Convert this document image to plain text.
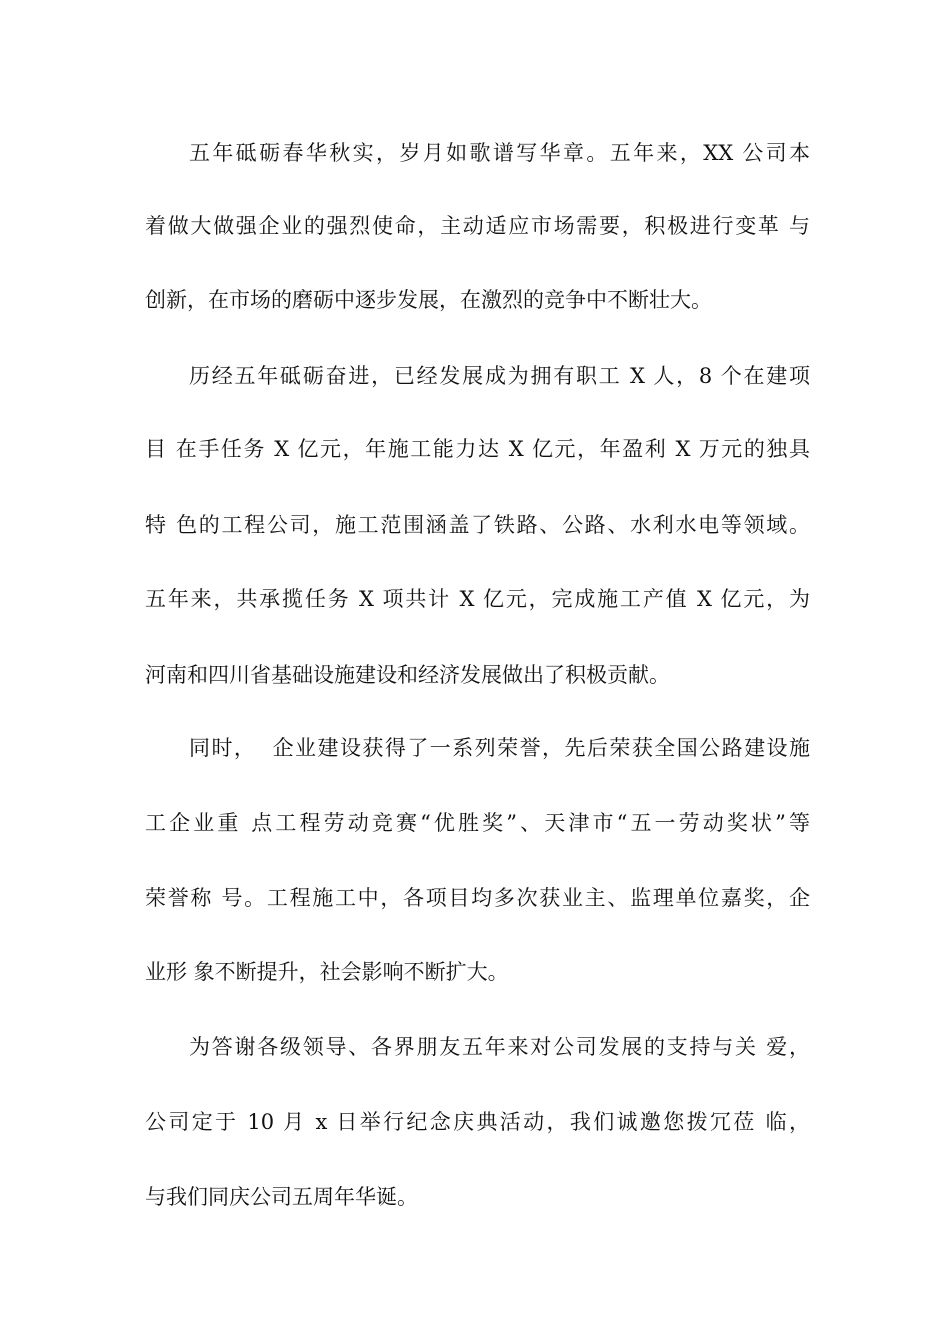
五年砥砺春华秋实，岁月如歌谱写华章。五年来，XX 公司本
着做大做强企业的强烈使命，主动适应市场需要，积极进行变革 与
创新，在市场的磨砺中逐步发展，在激烈的竞争中不断壮大。
历经五年砥砺奋进，已经发展成为拥有职工 X 人，8 个在建项
目 在手任务 X 亿元，年施工能力达 X 亿元，年盈利 X 万元的独具
特 色的工程公司，施工范围涵盖了铁路、公路、水利水电等领域。
五年来，共承揽任务 X 项共计 X 亿元，完成施工产值 X 亿元，为
河南和四川省基础设施建设和经济发展做出了积极贡献。
同时，  企业建设获得了一系列荣誉，先后荣获全国公路建设施
工企业重 点工程劳动竞赛“优胜奖”、天津市“五一劳动奖状”等
荣誉称 号。工程施工中，各项目均多次获业主、监理单位嘉奖，企
业形 象不断提升，社会影响不断扩大。
为答谢各级领导、各界朋友五年来对公司发展的支持与关 爱，
公司定于 10 月 x 日举行纪念庆典活动，我们诚邀您拨冗莅 临，
与我们同庆公司五周年华诞。
